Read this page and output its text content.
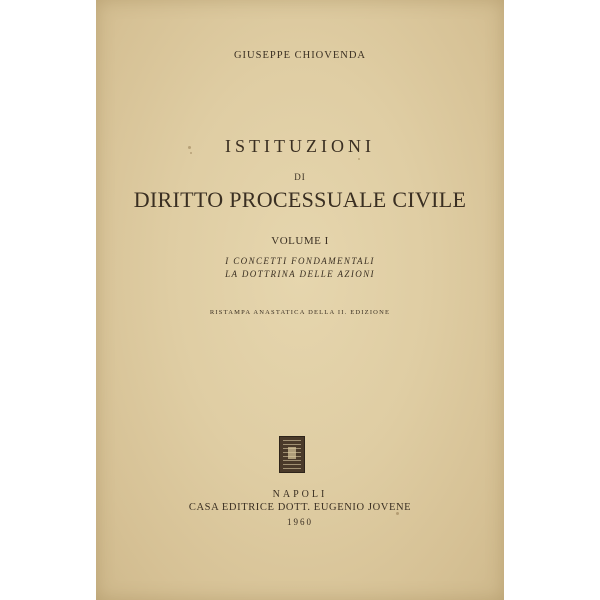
GIUSEPPE CHIOVENDA
ISTITUZIONI
DI
DIRITTO PROCESSUALE CIVILE
VOLUME I
I CONCETTI FONDAMENTALI
LA DOTTRINA DELLE AZIONI
RISTAMPA ANASTATICA DELLA II. EDIZIONE
NAPOLI
CASA EDITRICE DOTT. EUGENIO JOVENE
1960
